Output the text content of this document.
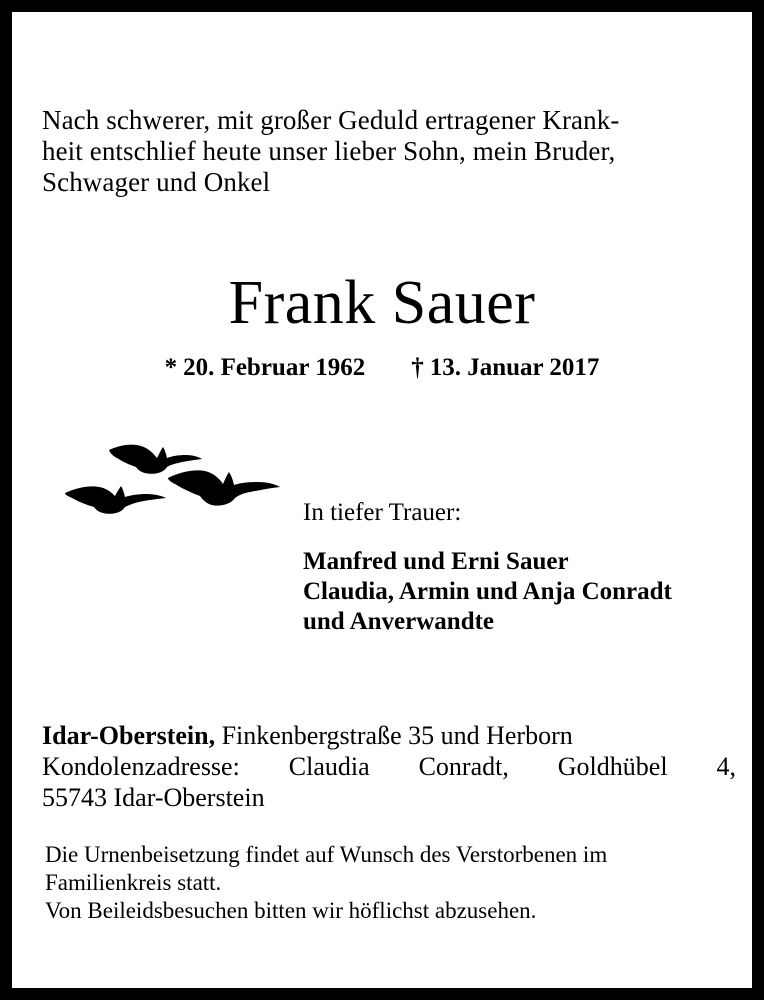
Nach schwerer, mit großer Geduld ertragener Krank-
heit entschlief heute unser lieber Sohn, mein Bruder,
Schwager und Onkel
Frank Sauer
* 20. Februar 1962 † 13. Januar 2017

In tiefer Trauer:

Manfred und Erni Sauer
Claudia, Armin und Anja Conradt
und Anverwandte

Idar-Oberstein, Finkenbergstraße 35 und Herborn
Kondolenzadresse: Claudia Conradt, Goldhübel 4,
55743 Idar-Oberstein
Die Urnenbeisetzung findet auf Wunsch des Verstorbenen im
Familienkreis statt.
Von Beileidsbesuchen bitten wir höflichst abzusehen.
